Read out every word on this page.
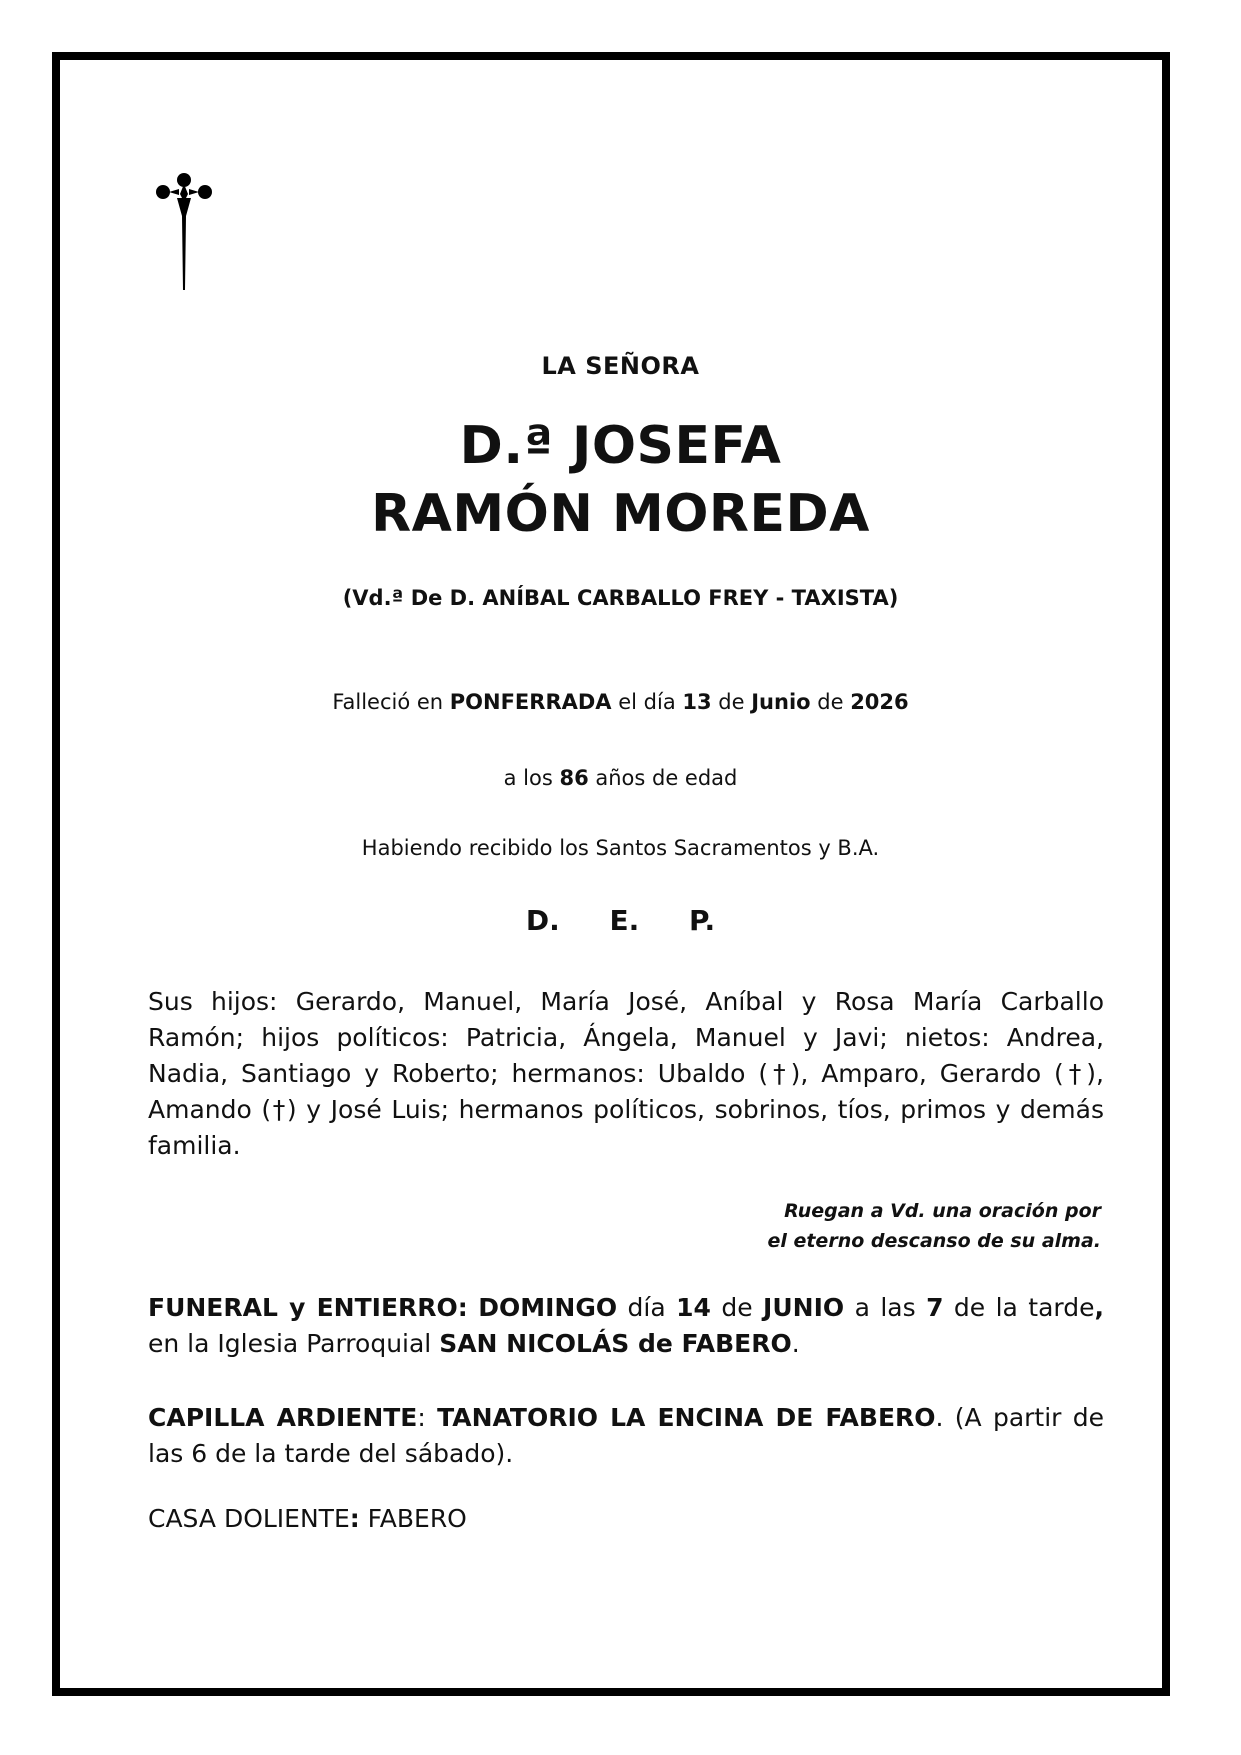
LA SEÑORA
D.ª JOSEFA
RAMÓN MOREDA
(Vd.ª De D. ANÍBAL CARBALLO FREY - TAXISTA)
Falleció en PONFERRADA el día 13 de Junio de 2026
a los 86 años de edad
Habiendo recibido los Santos Sacramentos y B.A.
D. E. P.
Sus hijos: Gerardo, Manuel, María José, Aníbal y Rosa María Carballo Ramón; hijos políticos: Patricia, Ángela, Manuel y Javi; nietos: Andrea, Nadia, Santiago y Roberto; hermanos: Ubaldo (†), Amparo, Gerardo (†), Amando (†) y José Luis; hermanos políticos, sobrinos, tíos, primos y demás familia.
Ruegan a Vd. una oración por
el eterno descanso de su alma.
FUNERAL y ENTIERRO: DOMINGO día 14 de JUNIO a las 7 de la tarde, en la Iglesia Parroquial SAN NICOLÁS de FABERO.
CAPILLA ARDIENTE: TANATORIO LA ENCINA DE FABERO. (A partir de las 6 de la tarde del sábado).
CASA DOLIENTE: FABERO
